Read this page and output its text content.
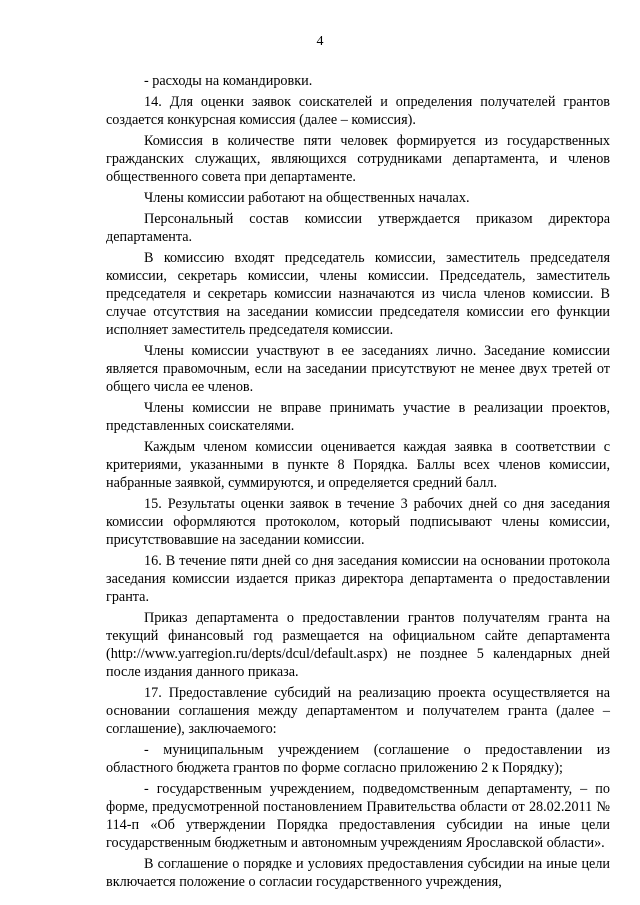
4

- расходы на командировки.

14. Для оценки заявок соискателей и определения получателей грантов создается конкурсная комиссия (далее – комиссия).

Комиссия в количестве пяти человек формируется из государственных гражданских служащих, являющихся сотрудниками департамента, и членов общественного совета при департаменте.

Члены комиссии работают на общественных началах.

Персональный состав комиссии утверждается приказом директора департамента.

В комиссию входят председатель комиссии, заместитель председателя комиссии, секретарь комиссии, члены комиссии. Председатель, заместитель председателя и секретарь комиссии назначаются из числа членов комиссии. В случае отсутствия на заседании комиссии председателя комиссии его функции исполняет заместитель председателя комиссии.

Члены комиссии участвуют в ее заседаниях лично. Заседание комиссии является правомочным, если на заседании присутствуют не менее двух третей от общего числа ее членов.

Члены комиссии не вправе принимать участие в реализации проектов, представленных соискателями.

Каждым членом комиссии оценивается каждая заявка в соответствии с критериями, указанными в пункте 8 Порядка. Баллы всех членов комиссии, набранные заявкой, суммируются, и определяется средний балл.

15. Результаты оценки заявок в течение 3 рабочих дней со дня заседания комиссии оформляются протоколом, который подписывают члены комиссии, присутствовавшие на заседании комиссии.

16. В течение пяти дней со дня заседания комиссии на основании протокола заседания комиссии издается приказ директора департамента о предоставлении гранта.

Приказ департамента о предоставлении грантов получателям гранта на текущий финансовый год размещается на официальном сайте департамента (http://www.yarregion.ru/depts/dcul/default.aspx) не позднее 5 календарных дней после издания данного приказа.

17. Предоставление субсидий на реализацию проекта осуществляется на основании соглашения между департаментом и получателем гранта (далее – соглашение), заключаемого:

- муниципальным учреждением (соглашение о предоставлении из областного бюджета грантов по форме согласно приложению 2 к Порядку);

- государственным учреждением, подведомственным департаменту, – по форме, предусмотренной постановлением Правительства области от 28.02.2011 № 114-п «Об утверждении Порядка предоставления субсидии на иные цели государственным бюджетным и автономным учреждениям Ярославской области».

В соглашение о порядке и условиях предоставления субсидии на иные цели включается положение о согласии государственного учреждения,
